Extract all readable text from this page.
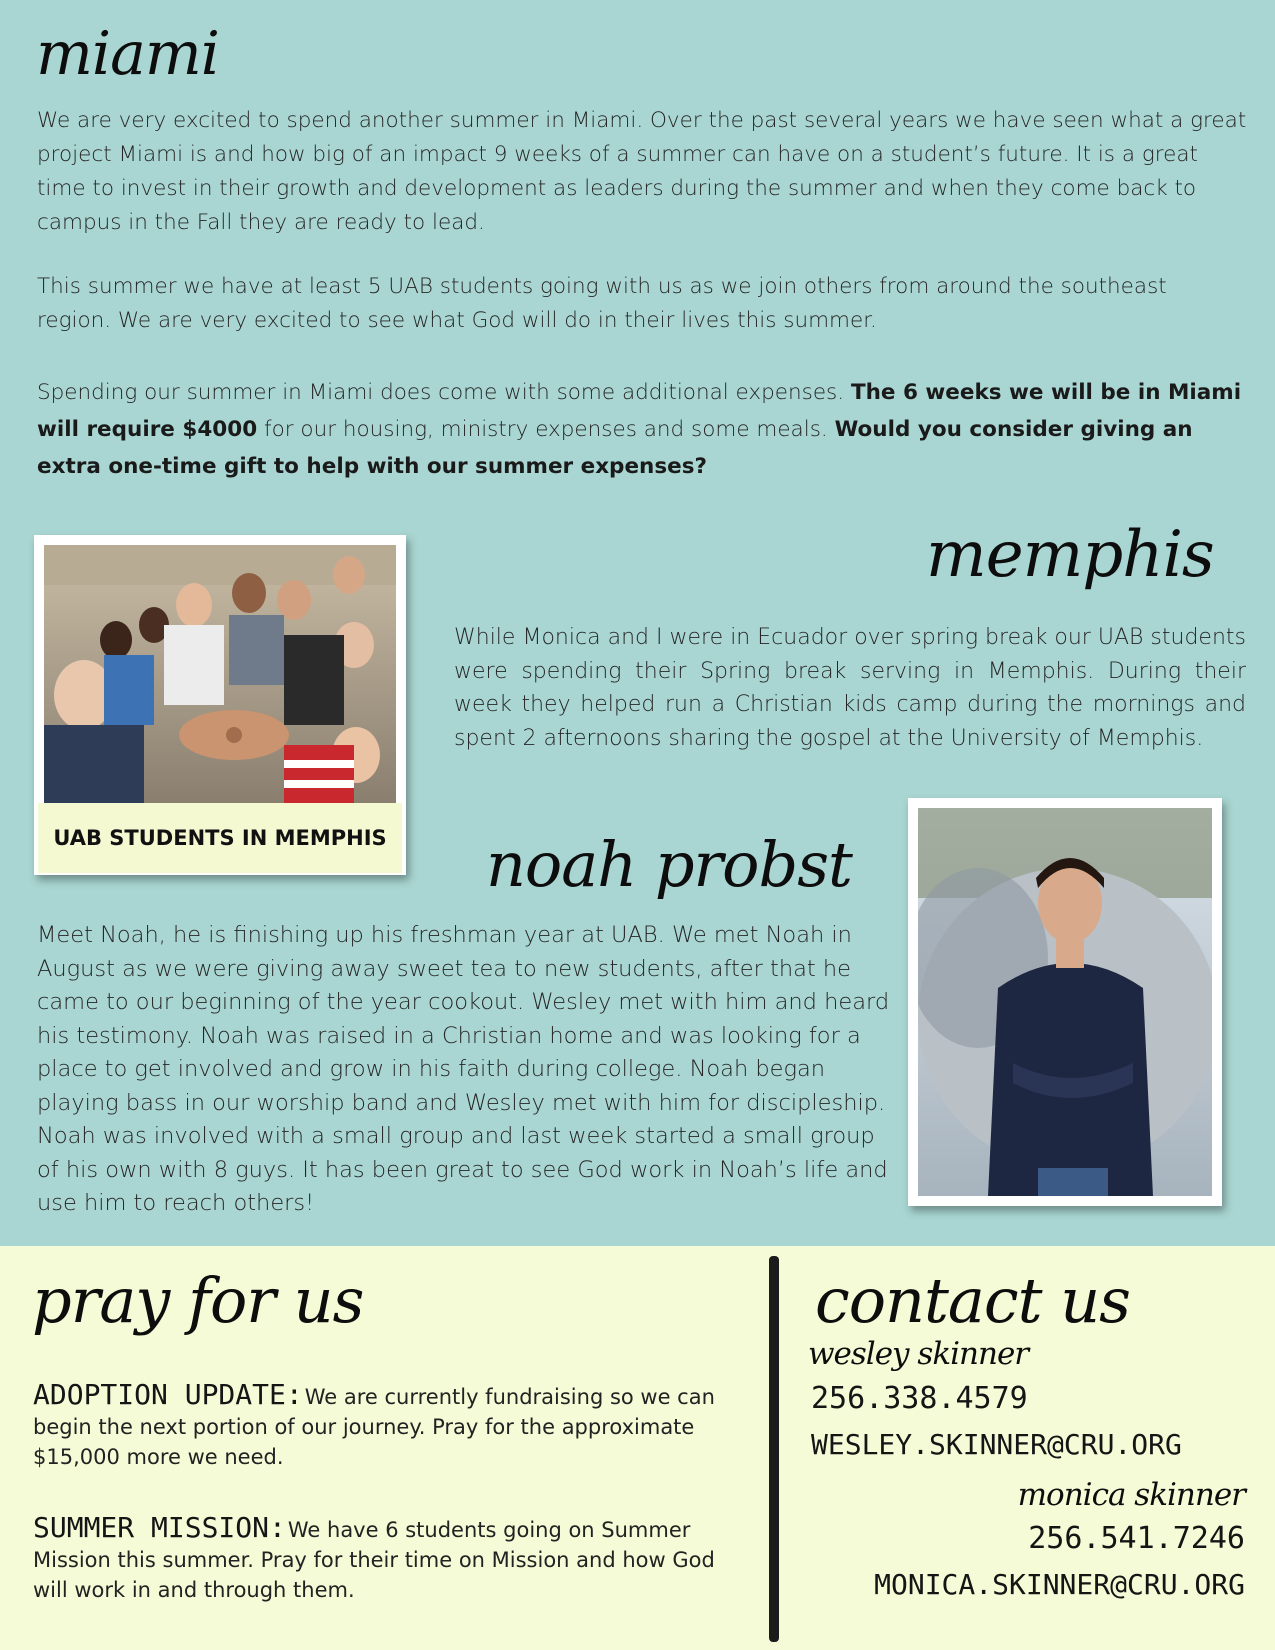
miami

We are very excited to spend another summer in Miami. Over the past several years we have seen what a great project Miami is and how big of an impact 9 weeks of a summer can have on a student’s future. It is a great time to invest in their growth and development as leaders during the summer and when they come back to campus in the Fall they are ready to lead.

This summer we have at least 5 UAB students going with us as we join others from around the southeast region. We are very excited to see what God will do in their lives this summer.

Spending our summer in Miami does come with some additional expenses. The 6 weeks we will be in Miami will require $4000 for our housing, ministry expenses and some meals. Would you consider giving an extra one-time gift to help with our summer expenses?

UAB STUDENTS IN MEMPHIS
memphis

While Monica and I were in Ecuador over spring break our UAB students were spending their Spring break serving in Memphis. During their week they helped run a Christian kids camp during the mornings and spent 2 afternoons sharing the gospel at the University of Memphis.

noah probst

Meet Noah, he is finishing up his freshman year at UAB. We met Noah in August as we were giving away sweet tea to new students, after that he came to our beginning of the year cookout. Wesley met with him and heard his testimony. Noah was raised in a Christian home and was looking for a place to get involved and grow in his faith during college. Noah began playing bass in our worship band and Wesley met with him for discipleship. Noah was involved with a small group and last week started a small group of his own with 8 guys. It has been great to see God work in Noah’s life and use him to reach others!

pray for us

ADOPTION UPDATE:We are currently fundraising so we can begin the next portion of our journey. Pray for the approximate $15,000 more we need.

SUMMER MISSION:We have 6 students going on Summer Mission this summer. Pray for their time on Mission and how God will work in and through them.

contact us
wesley skinner
256.338.4579
WESLEY.SKINNER@CRU.ORG
monica skinner
256.541.7246
MONICA.SKINNER@CRU.ORG
